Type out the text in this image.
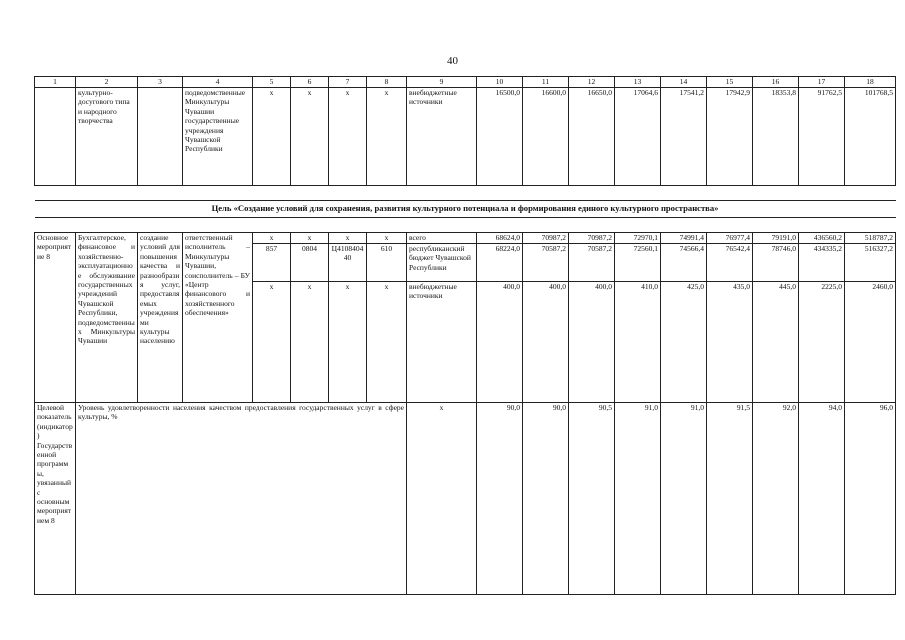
40
1	2	3	4	5	6	7	8	9	10	11	12	13	14	15	16	17	18
	культурно-досугового типа и народного творчества		подведомственные Минкультуры Чувашии государственные учреждения Чувашской Республики	x	x	x	x	внебюджетные источники	16500,0	16600,0	16650,0	17064,6	17541,2	17942,9	18353,8	91762,5	101768,5

Цель «Создание условий для сохранения, развития культурного потенциала и формирования единого культурного пространства»																	

Основное мероприятие 8	Бухгалтерское, финансовое и хозяйственно-эксплуатационное обслуживание государственных учреждений Чувашской Республики, подведомственных Минкультуры Чувашии	создание условий для повышения качества и разнообразия услуг, предоставляемых учреждениями культуры населению	ответственный исполнитель – Минкультуры Чувашии, соисполнитель – БУ «Центр финансового и хозяйственного обеспечения»	x	x	x	x	всего	68624,0	70987,2	70987,2	72970,1	74991,4	76977,4	79191,0	436560,2	518787,2
				857	0804	Ц410840440	610	республиканский бюджет Чувашской Республики	68224,0	70587,2	70587,2	72560,1	74566,4	76542,4	78746,0	434335,2	516327,2
				x	x	x	x	внебюджетные источники	400,0	400,0	400,0	410,0	425,0	435,0	445,0	2225,0	2460,0
Целевой показатель (индикатор) Государственной программы, увязанный с основным мероприятием 8	Уровень удовлетворенности населения качеством предоставления государственных услуг в сфере культуры, %							x	90,0	90,0	90,5	91,0	91,0	91,5	92,0	94,0	96,0
